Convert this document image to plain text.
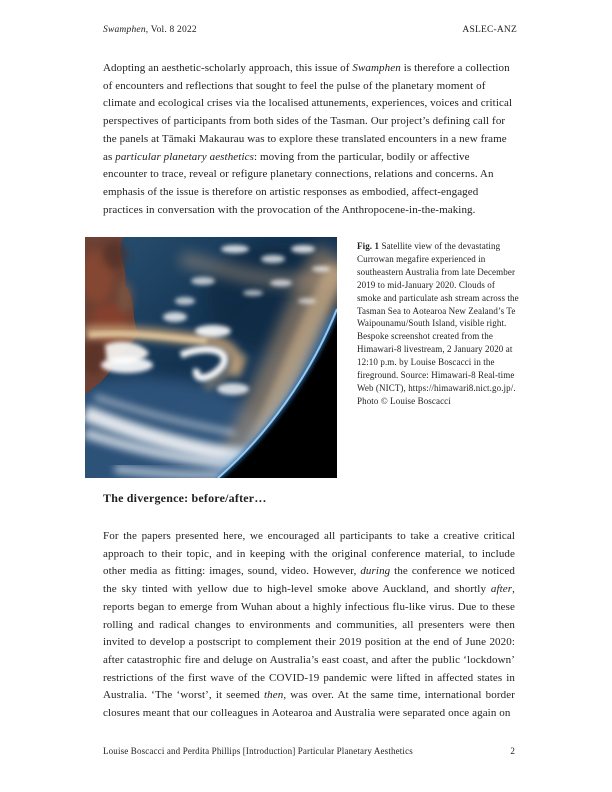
Swamphen, Vol. 8 2022	ASLEC-ANZ

Adopting an aesthetic-scholarly approach, this issue of Swamphen is therefore a collection of encounters and reflections that sought to feel the pulse of the planetary moment of climate and ecological crises via the localised attunements, experiences, voices and critical perspectives of participants from both sides of the Tasman. Our project’s defining call for the panels at Tāmaki Makaurau was to explore these translated encounters in a new frame as particular planetary aesthetics: moving from the particular, bodily or affective encounter to trace, reveal or refigure planetary connections, relations and concerns. An emphasis of the issue is therefore on artistic responses as embodied, affect-engaged practices in conversation with the provocation of the Anthropocene-in-the-making.

Fig. 1 Satellite view of the devastating Currowan megafire experienced in southeastern Australia from late December 2019 to mid-January 2020. Clouds of smoke and particulate ash stream across the Tasman Sea to Aotearoa New Zealand’s Te Waipounamu/South Island, visible right. Bespoke screenshot created from the Himawari-8 livestream, 2 January 2020 at 12:10 p.m. by Louise Boscacci in the fireground. Source: Himawari-8 Real-time Web (NICT), https://himawari8.nict.go.jp/. Photo © Louise Boscacci
The divergence: before/after…

For the papers presented here, we encouraged all participants to take a creative critical approach to their topic, and in keeping with the original conference material, to include other media as fitting: images, sound, video. However, during the conference we noticed the sky tinted with yellow due to high-level smoke above Auckland, and shortly after, reports began to emerge from Wuhan about a highly infectious flu-like virus. Due to these rolling and radical changes to environments and communities, all presenters were then invited to develop a postscript to complement their 2019 position at the end of June 2020: after catastrophic fire and deluge on Australia’s east coast, and after the public ‘lockdown’ restrictions of the first wave of the COVID-19 pandemic were lifted in affected states in Australia. ‘The ‘worst’, it seemed then, was over. At the same time, international border closures meant that our colleagues in Aotearoa and Australia were separated once again on

Louise Boscacci and Perdita Phillips [Introduction] Particular Planetary Aesthetics	2
